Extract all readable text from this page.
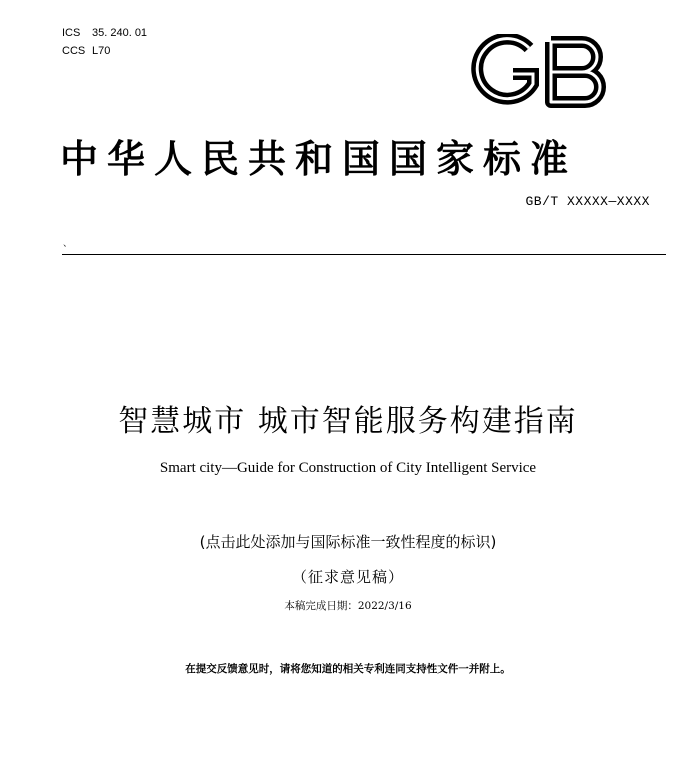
ICS 35. 240. 01
CCS L70
中华人民共和国国家标准
GB/T XXXXX—XXXX
、
智慧城市 城市智能服务构建指南
Smart city—Guide for Construction of City Intelligent Service
(点击此处添加与国际标准一致性程度的标识)
（征求意见稿）
本稿完成日期：2022/3/16
在提交反馈意见时，请将您知道的相关专利连同支持性文件一并附上。
